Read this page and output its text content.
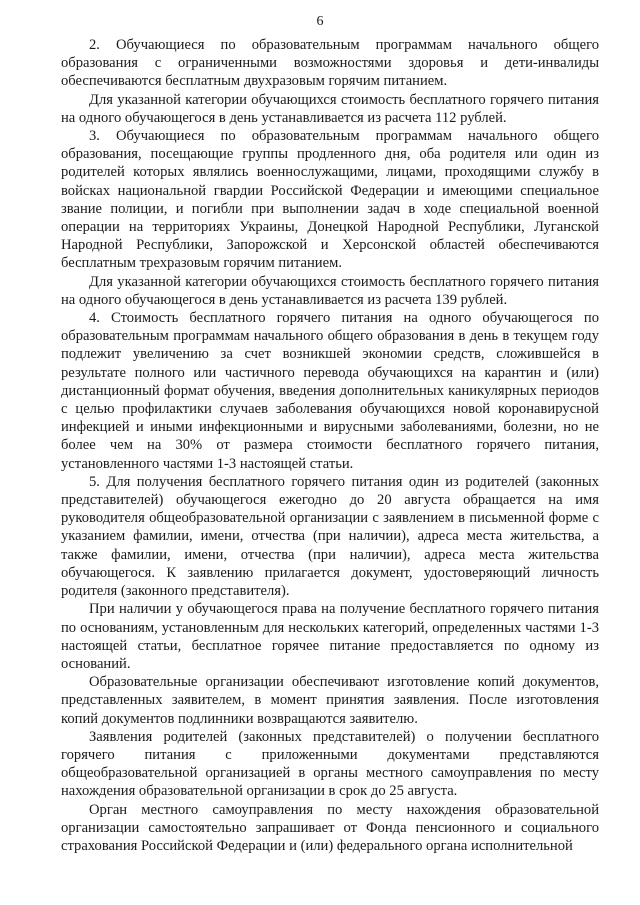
6

2. Обучающиеся по образовательным программам начального общего образования с ограниченными возможностями здоровья и дети-инвалиды обеспечиваются бесплатным двухразовым горячим питанием.

Для указанной категории обучающихся стоимость бесплатного горячего питания на одного обучающегося в день устанавливается из расчета 112 рублей.

3. Обучающиеся по образовательным программам начального общего образования, посещающие группы продленного дня, оба родителя или один из родителей которых являлись военнослужащими, лицами, проходящими службу в войсках национальной гвардии Российской Федерации и имеющими специальное звание полиции, и погибли при выполнении задач в ходе специальной военной операции на территориях Украины, Донецкой Народной Республики, Луганской Народной Республики, Запорожской и Херсонской областей обеспечиваются бесплатным трехразовым горячим питанием.

Для указанной категории обучающихся стоимость бесплатного горячего питания на одного обучающегося в день устанавливается из расчета 139 рублей.

4. Стоимость бесплатного горячего питания на одного обучающегося по образовательным программам начального общего образования в день в текущем году подлежит увеличению за счет возникшей экономии средств, сложившейся в результате полного или частичного перевода обучающихся на карантин и (или) дистанционный формат обучения, введения дополнительных каникулярных периодов с целью профилактики случаев заболевания обучающихся новой коронавирусной инфекцией и иными инфекционными и вирусными заболеваниями, болезни, но не более чем на 30% от размера стоимости бесплатного горячего питания, установленного частями 1-3 настоящей статьи.

5. Для получения бесплатного горячего питания один из родителей (законных представителей) обучающегося ежегодно до 20 августа обращается на имя руководителя общеобразовательной организации с заявлением в письменной форме с указанием фамилии, имени, отчества (при наличии), адреса места жительства, а также фамилии, имени, отчества (при наличии), адреса места жительства обучающегося. К заявлению прилагается документ, удостоверяющий личность родителя (законного представителя).

При наличии у обучающегося права на получение бесплатного горячего питания по основаниям, установленным для нескольких категорий, определенных частями 1-3 настоящей статьи, бесплатное горячее питание предоставляется по одному из оснований.

Образовательные организации обеспечивают изготовление копий документов, представленных заявителем, в момент принятия заявления. После изготовления копий документов подлинники возвращаются заявителю.

Заявления родителей (законных представителей) о получении бесплатного горячего питания с приложенными документами представляются общеобразовательной организацией в органы местного самоуправления по месту нахождения образовательной организации в срок до 25 августа.

Орган местного самоуправления по месту нахождения образовательной организации самостоятельно запрашивает от Фонда пенсионного и социального страхования Российской Федерации и (или) федерального органа исполнительной
